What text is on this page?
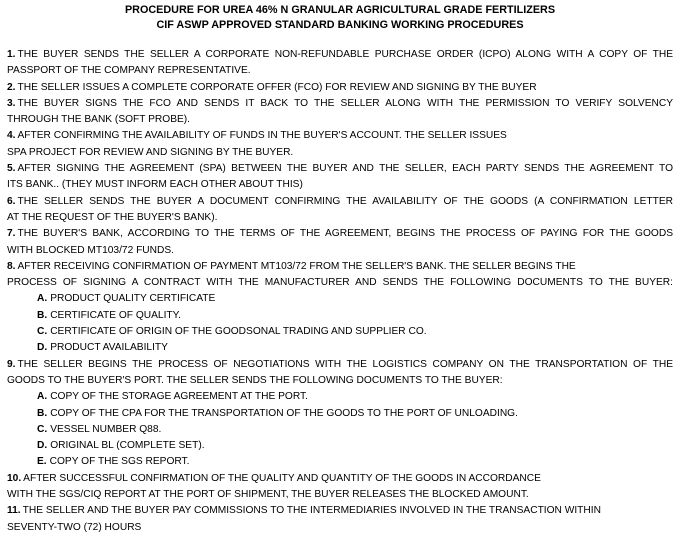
PROCEDURE FOR UREA 46% N GRANULAR AGRICULTURAL GRADE FERTILIZERS
CIF ASWP APPROVED STANDARD BANKING WORKING PROCEDURES
1. THE BUYER SENDS THE SELLER A CORPORATE NON-REFUNDABLE PURCHASE ORDER (ICPO) ALONG WITH A COPY OF THE
PASSPORT OF THE COMPANY REPRESENTATIVE.
2. THE SELLER ISSUES A COMPLETE CORPORATE OFFER (FCO) FOR REVIEW AND SIGNING BY THE BUYER
3. THE BUYER SIGNS THE FCO AND SENDS IT BACK TO THE SELLER ALONG WITH THE PERMISSION TO VERIFY SOLVENCY
THROUGH THE BANK (SOFT PROBE).
4. AFTER CONFIRMING THE AVAILABILITY OF FUNDS IN THE BUYER'S ACCOUNT. THE SELLER ISSUES
SPA PROJECT FOR REVIEW AND SIGNING BY THE BUYER.
5. AFTER SIGNING THE AGREEMENT (SPA) BETWEEN THE BUYER AND THE SELLER, EACH PARTY SENDS THE AGREEMENT TO
ITS BANK.. (THEY MUST INFORM EACH OTHER ABOUT THIS)
6. THE SELLER SENDS THE BUYER A DOCUMENT CONFIRMING THE AVAILABILITY OF THE GOODS (A CONFIRMATION LETTER
AT THE REQUEST OF THE BUYER'S BANK).
7. THE BUYER'S BANK, ACCORDING TO THE TERMS OF THE AGREEMENT, BEGINS THE PROCESS OF PAYING FOR THE GOODS
WITH BLOCKED MT103/72 FUNDS.
8. AFTER RECEIVING CONFIRMATION OF PAYMENT MT103/72 FROM THE SELLER'S BANK. THE SELLER BEGINS THE
PROCESS OF SIGNING A CONTRACT WITH THE MANUFACTURER AND SENDS THE FOLLOWING DOCUMENTS TO THE BUYER:
A. PRODUCT QUALITY CERTIFICATE
B. CERTIFICATE OF QUALITY.
C. CERTIFICATE OF ORIGIN OF THE GOODSONAL TRADING AND SUPPLIER CO.
D. PRODUCT AVAILABILITY
9. THE SELLER BEGINS THE PROCESS OF NEGOTIATIONS WITH THE LOGISTICS COMPANY ON THE TRANSPORTATION OF THE
GOODS TO THE BUYER'S PORT. THE SELLER SENDS THE FOLLOWING DOCUMENTS TO THE BUYER:
A. COPY OF THE STORAGE AGREEMENT AT THE PORT.
B. COPY OF THE CPA FOR THE TRANSPORTATION OF THE GOODS TO THE PORT OF UNLOADING.
C. VESSEL NUMBER Q88.
D. ORIGINAL BL (COMPLETE SET).
E. COPY OF THE SGS REPORT.
10. AFTER SUCCESSFUL CONFIRMATION OF THE QUALITY AND QUANTITY OF THE GOODS IN ACCORDANCE
WITH THE SGS/CIQ REPORT AT THE PORT OF SHIPMENT, THE BUYER RELEASES THE BLOCKED AMOUNT.
11. THE SELLER AND THE BUYER PAY COMMISSIONS TO THE INTERMEDIARIES INVOLVED IN THE TRANSACTION WITHIN
SEVENTY-TWO (72) HOURS
